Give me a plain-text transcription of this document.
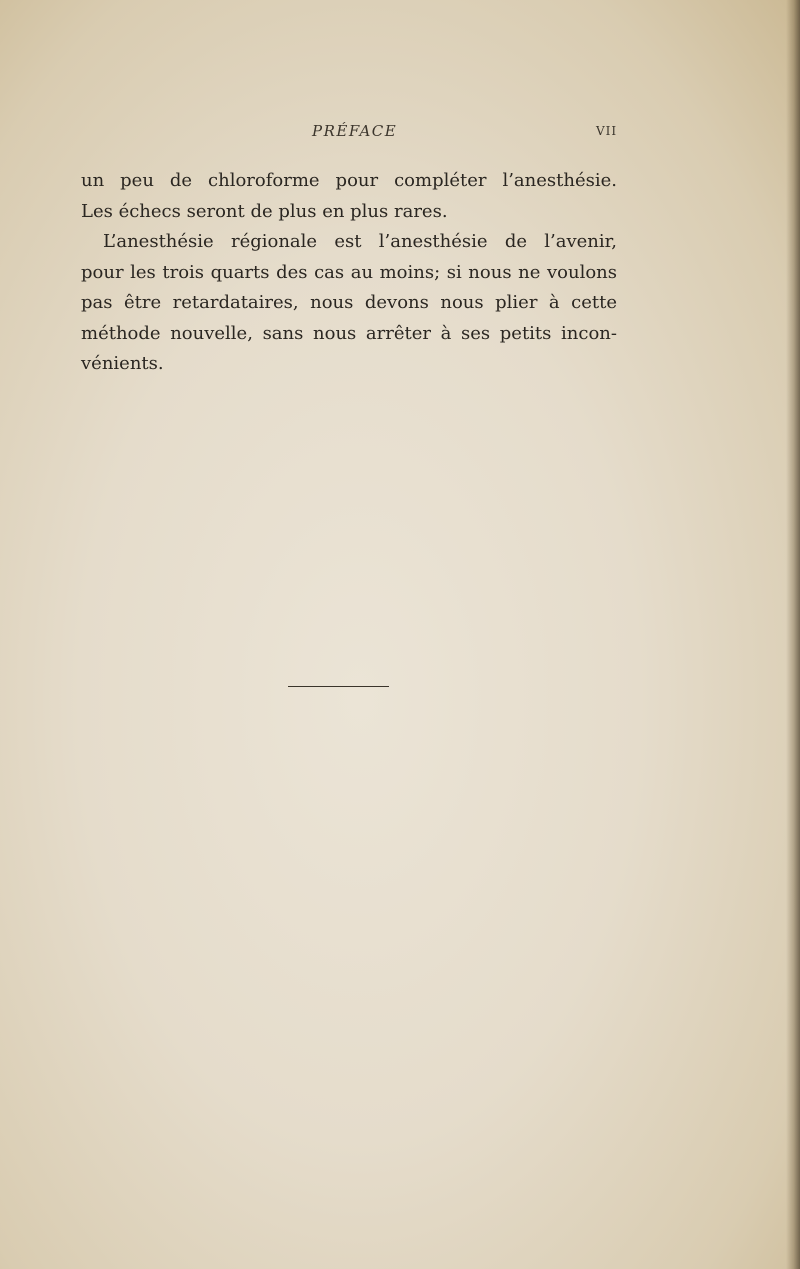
PRÉFACE	VII
un peu de chloroforme pour compléter l’anesthésie.
Les échecs seront de plus en plus rares.
L’anesthésie régionale est l’anesthésie de l’avenir,
pour les trois quarts des cas au moins; si nous ne voulons
pas être retardataires, nous devons nous plier à cette
méthode nouvelle, sans nous arrêter à ses petits incon-
vénients.
